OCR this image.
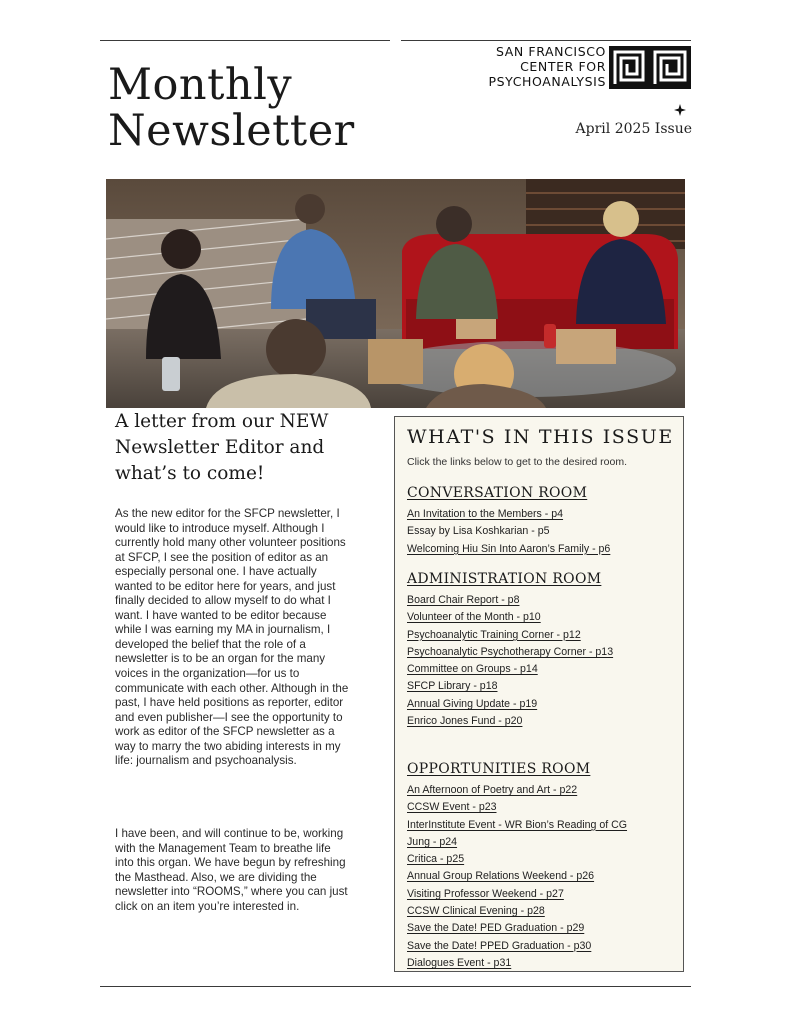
Monthly
Newsletter
SAN FRANCISCO
CENTER FOR
PSYCHOANALYSIS
April 2025 Issue
A letter from our NEW Newsletter Editor and what’s to come!

As the new editor for the SFCP newsletter, I would like to introduce myself. Although I currently hold many other volunteer positions at SFCP, I see the position of editor as an especially personal one. I have actually wanted to be editor here for years, and just finally decided to allow myself to do what I want. I have wanted to be editor because while I was earning my MA in journalism, I developed the belief that the role of a newsletter is to be an organ for the many voices in the organization—for us to communicate with each other. Although in the past, I have held positions as reporter, editor and even publisher—I see the opportunity to work as editor of the SFCP newsletter as a way to marry the two abiding interests in my life: journalism and psychoanalysis.

I have been, and will continue to be, working with the Management Team to breathe life into this organ. We have begun by refreshing the Masthead. Also, we are dividing the newsletter into “ROOMS,” where you can just click on an item you’re interested in.

WHAT'S IN THIS ISSUE
Click the links below to get to the desired room.
CONVERSATION ROOM
An Invitation to the Members - p4
Essay by Lisa Koshkarian - p5
Welcoming Hiu Sin Into Aaron’s Family - p6
ADMINISTRATION ROOM
Board Chair Report - p8
Volunteer of the Month - p10
Psychoanalytic Training Corner - p12
Psychoanalytic Psychotherapy Corner - p13
Committee on Groups - p14
SFCP Library - p18
Annual Giving Update - p19
Enrico Jones Fund - p20
OPPORTUNITIES ROOM
An Afternoon of Poetry and Art - p22
CCSW Event - p23
InterInstitute Event - WR Bion’s Reading of CG
Jung - p24
Critica - p25
Annual Group Relations Weekend - p26
Visiting Professor Weekend - p27
CCSW Clinical Evening - p28
Save the Date! PED Graduation - p29
Save the Date! PPED Graduation - p30
Dialogues Event - p31
